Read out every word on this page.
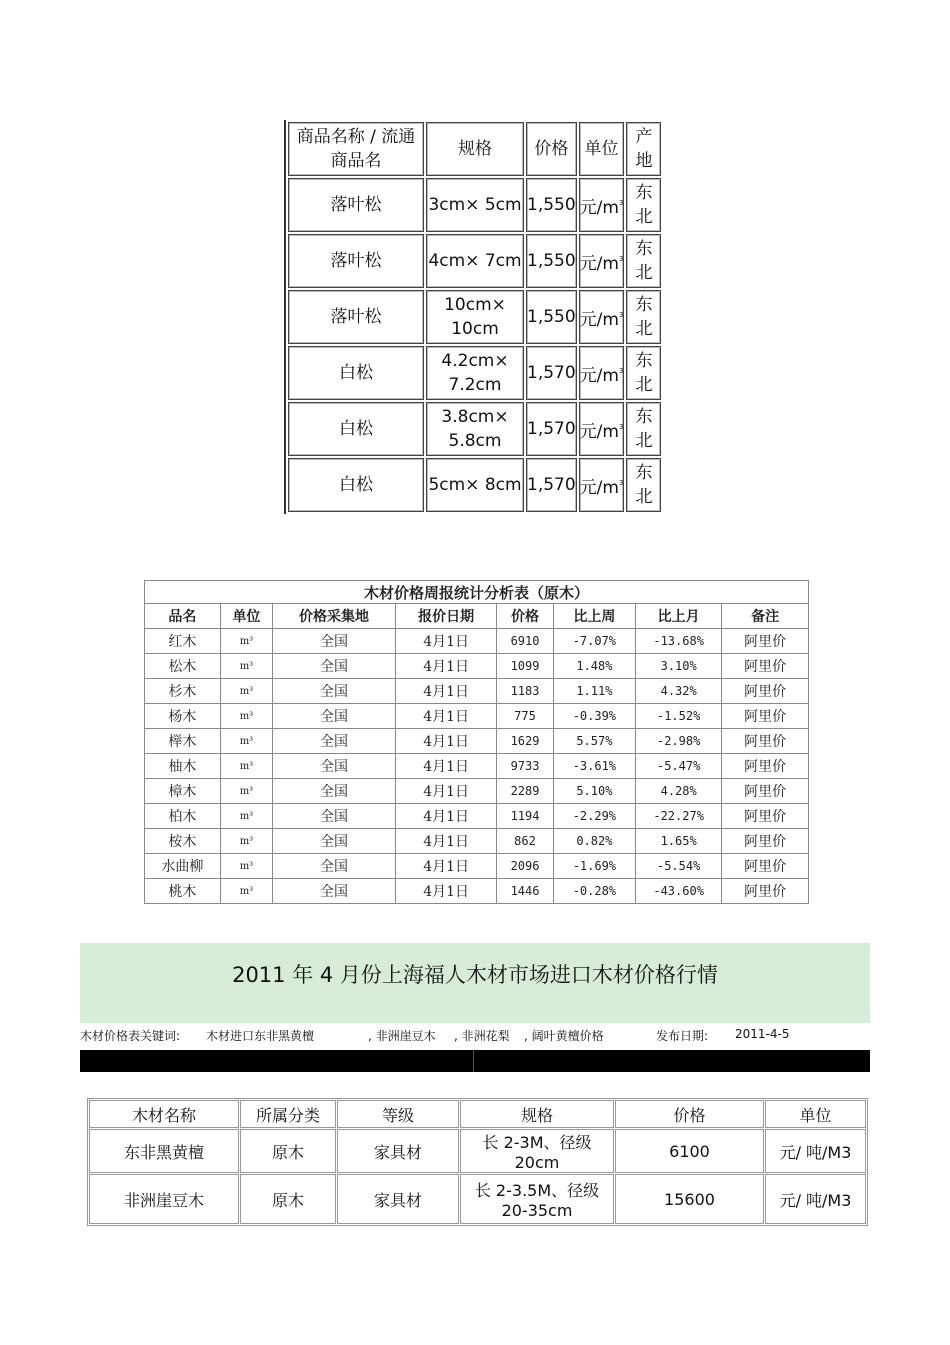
商品名称 / 流通商品名	规格	价格	单位	产地
落叶松	3cm× 5cm	1,550	元$/m^3$	东北
落叶松	4cm× 7cm	1,550	元$/m^3$	东北
落叶松	10cm× 10cm	1,550	元$/m^3$	东北
白松	4.2cm× 7.2cm	1,570	元$/m^3$	东北
白松	3.8cm× 5.8cm	1,570	元$/m^3$	东北
白松	5cm× 8cm	1,570	元$/m^3$	东北
木材价格周报统计分析表（原木）							
品名	单位	价格采集地	报价日期	价格	比上周	比上月	备注
红木	m³	全国	4月1日	6910	-7.07%	-13.68%	阿里价
松木	m³	全国	4月1日	1099	1.48%	3.10%	阿里价
杉木	m³	全国	4月1日	1183	1.11%	4.32%	阿里价
杨木	m³	全国	4月1日	775	-0.39%	-1.52%	阿里价
榉木	m³	全国	4月1日	1629	5.57%	-2.98%	阿里价
柚木	m³	全国	4月1日	9733	-3.61%	-5.47%	阿里价
樟木	m³	全国	4月1日	2289	5.10%	4.28%	阿里价
柏木	m³	全国	4月1日	1194	-2.29%	-22.27%	阿里价
桉木	m³	全国	4月1日	862	0.82%	1.65%	阿里价
水曲柳	m³	全国	4月1日	2096	-1.69%	-5.54%	阿里价
桃木	m³	全国	4月1日	1446	-0.28%	-43.60%	阿里价
2011 年 4 月份上海福人木材市场进口木材价格行情
木材价格表关键词: 木材进口东非黑黄檀	, 非洲崖豆木 , 非洲花梨 , 阔叶黄檀价格	发布日期: 2011-4-5
木材名称	所属分类	等级	规格	价格	单位
东非黑黄檀	原木	家具材	长 2-3M、径级 20cm	6100	元/ 吨/M3
非洲崖豆木	原木	家具材	长 2-3.5M、径级 20-35cm	15600	元/ 吨/M3
